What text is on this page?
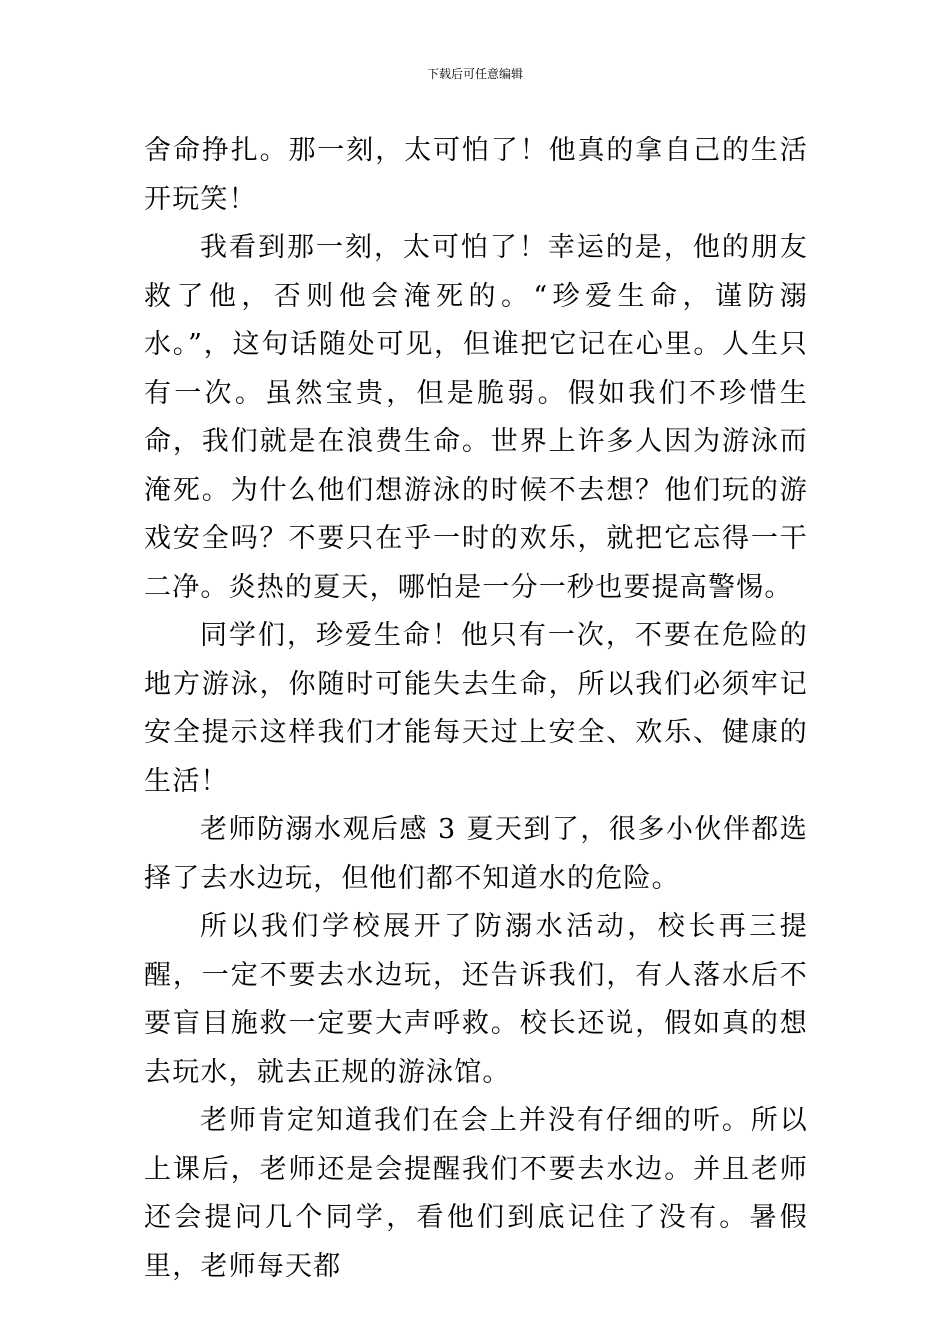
下载后可任意编辑

舍命挣扎。那一刻，太可怕了！他真的拿自己的生活开玩笑！

我看到那一刻，太可怕了！幸运的是，他的朋友救了他，否则他会淹死的。“珍爱生命，谨防溺水。”，这句话随处可见，但谁把它记在心里。人生只有一次。虽然宝贵，但是脆弱。假如我们不珍惜生命，我们就是在浪费生命。世界上许多人因为游泳而淹死。为什么他们想游泳的时候不去想？他们玩的游戏安全吗？不要只在乎一时的欢乐，就把它忘得一干二净。炎热的夏天，哪怕是一分一秒也要提高警惕。

同学们，珍爱生命！他只有一次，不要在危险的地方游泳，你随时可能失去生命，所以我们必须牢记安全提示这样我们才能每天过上安全、欢乐、健康的生活！

老师防溺水观后感 3 夏天到了，很多小伙伴都选择了去水边玩，但他们都不知道水的危险。

所以我们学校展开了防溺水活动，校长再三提醒，一定不要去水边玩，还告诉我们，有人落水后不要盲目施救一定要大声呼救。校长还说，假如真的想去玩水，就去正规的游泳馆。

老师肯定知道我们在会上并没有仔细的听。所以上课后，老师还是会提醒我们不要去水边。并且老师还会提问几个同学，看他们到底记住了没有。暑假里，老师每天都
